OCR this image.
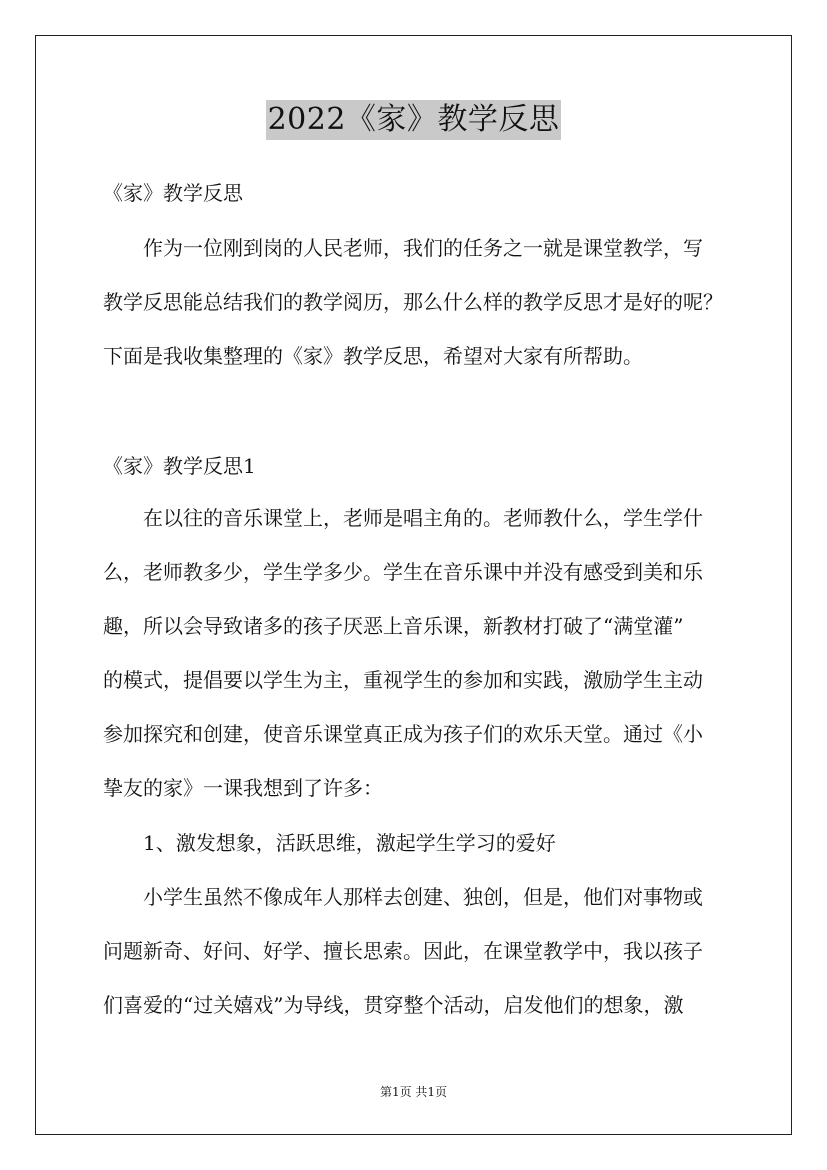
2022《家》教学反思
《家》教学反思
作为一位刚到岗的人民老师，我们的任务之一就是课堂教学，写
教学反思能总结我们的教学阅历，那么什么样的教学反思才是好的呢？
下面是我收集整理的《家》教学反思，希望对大家有所帮助。
《家》教学反思1
在以往的音乐课堂上，老师是唱主角的。老师教什么，学生学什
么，老师教多少，学生学多少。学生在音乐课中并没有感受到美和乐
趣，所以会导致诸多的孩子厌恶上音乐课，新教材打破了“满堂灌”
的模式，提倡要以学生为主，重视学生的参加和实践，激励学生主动
参加探究和创建，使音乐课堂真正成为孩子们的欢乐天堂。通过《小
挚友的家》一课我想到了许多：
1、激发想象，活跃思维，激起学生学习的爱好
小学生虽然不像成年人那样去创建、独创，但是，他们对事物或
问题新奇、好问、好学、擅长思索。因此，在课堂教学中，我以孩子
们喜爱的“过关嬉戏”为导线，贯穿整个活动，启发他们的想象，激
第1页 共1页
